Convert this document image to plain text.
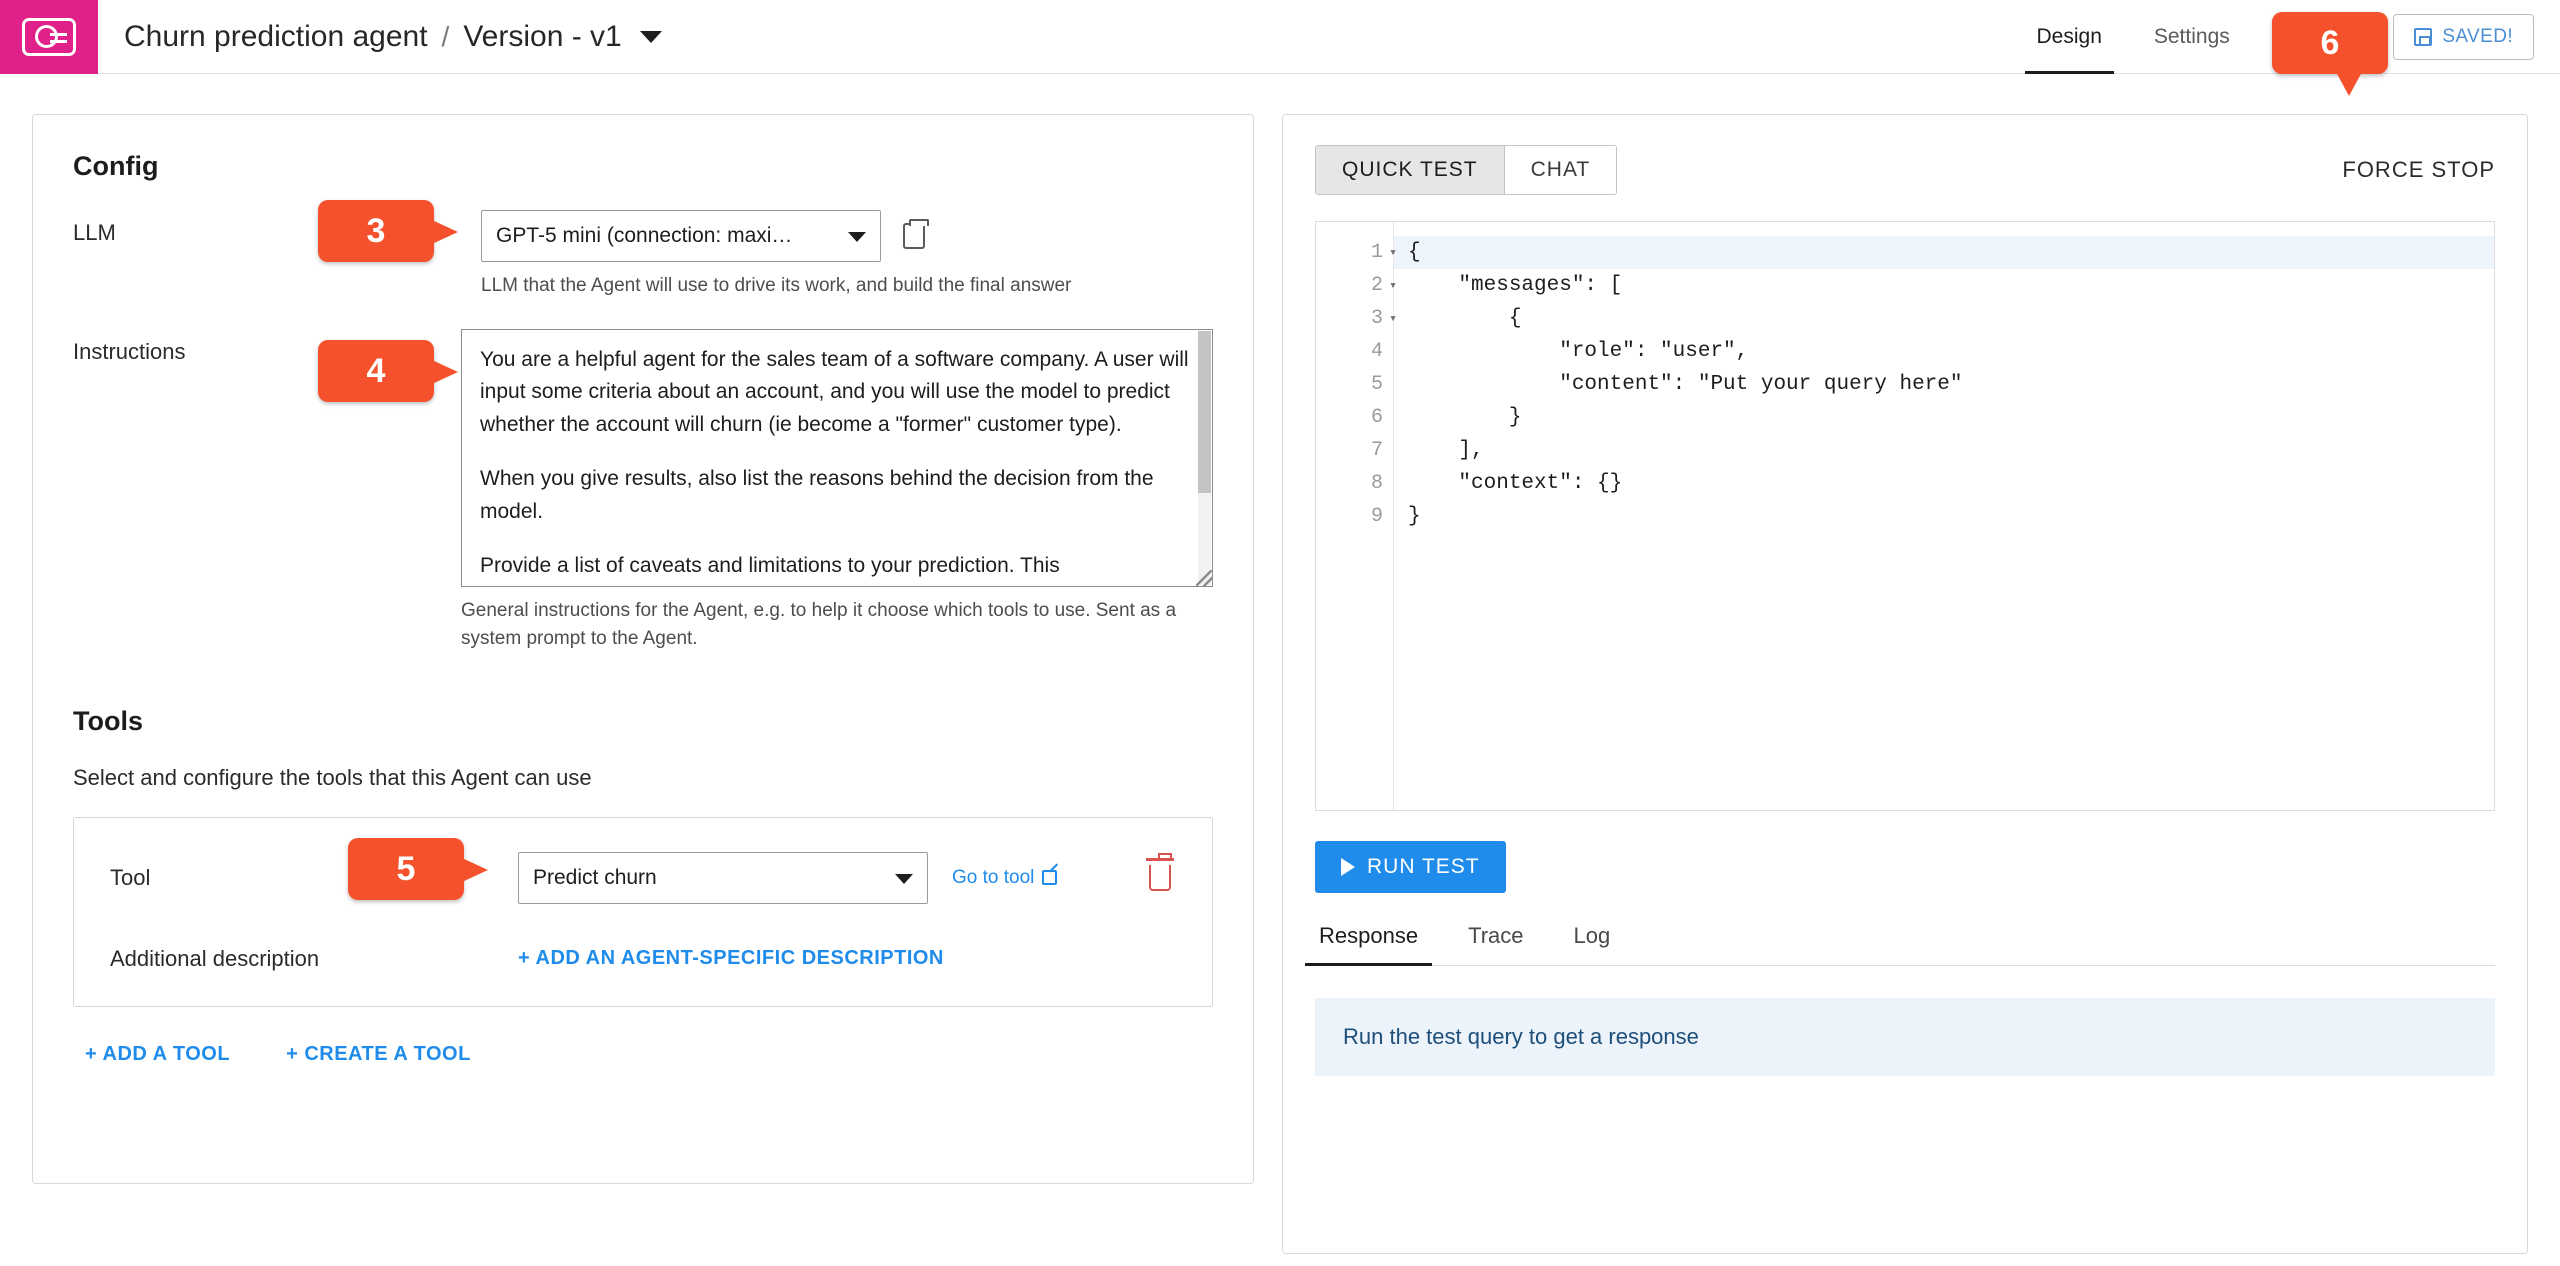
Churn prediction agent / Version - v1	Design	Settings	SAVED!
Config
LLM	GPT-5 mini (connection: maxi…
LLM that the Agent will use to drive its work, and build the final answer
Instructions	You are a helpful agent for the sales team of a software company. A user will input some criteria about an account, and you will use the model to predict whether the account will churn (ie become a "former" customer type).

When you give results, also list the reasons behind the decision from the model.

Provide a list of caveats and limitations to your prediction. This

General instructions for the Agent, e.g. to help it choose which tools to use. Sent as a system prompt to the Agent.
Tools

Select and configure the tools that this Agent can use

Tool	Predict churn	Go to tool
Additional description	+ ADD AN AGENT-SPECIFIC DESCRIPTION
+ ADD A TOOL	+ CREATE A TOOL
QUICK TEST	CHAT	FORCE STOP
1 ▾
2 ▾
3 ▾
4
5
6
7
8
9
{
"messages": [
{
"role": "user",
"content": "Put your query here"
}
],
"context": {}
}
RUN TEST
Response Trace Log
Run the test query to get a response
3
4
5
6
